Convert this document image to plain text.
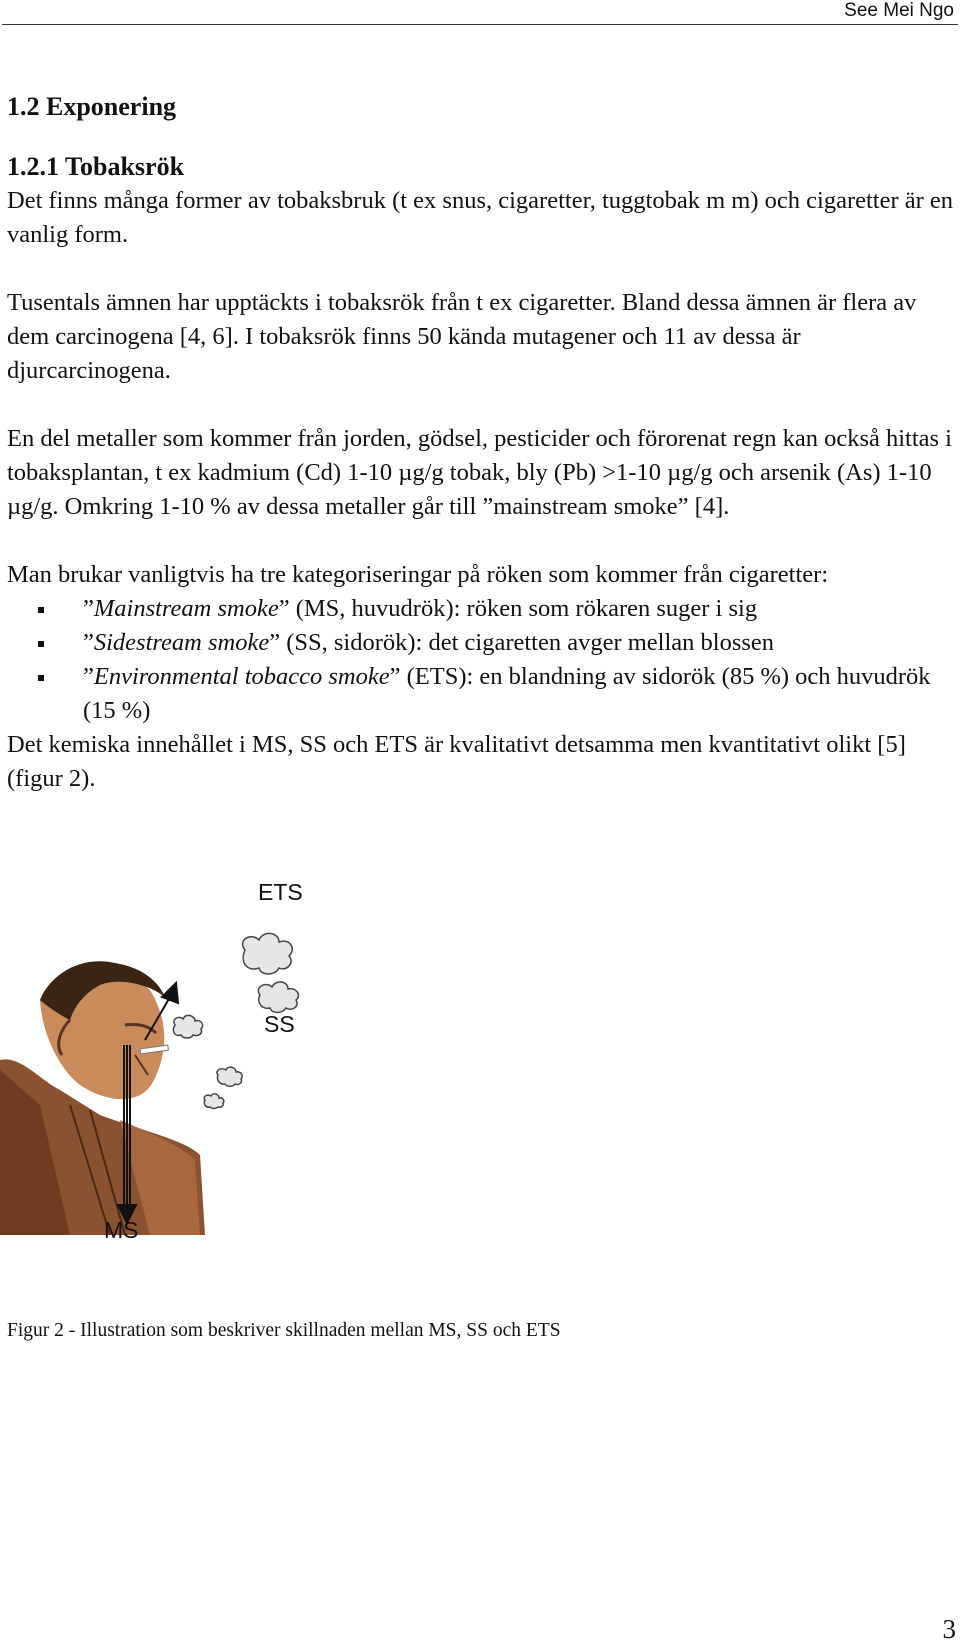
See Mei Ngo
1.2 Exponering
1.2.1 Tobaksrök

Det finns många former av tobaksbruk (t ex snus, cigaretter, tuggtobak m m) och cigaretter är en vanlig form.

Tusentals ämnen har upptäckts i tobaksrök från t ex cigaretter. Bland dessa ämnen är flera av dem carcinogena [4, 6]. I tobaksrök finns 50 kända mutagener och 11 av dessa är djurcarcinogena.

En del metaller som kommer från jorden, gödsel, pesticider och förorenat regn kan också hittas i tobaksplantan, t ex kadmium (Cd) 1-10 µg/g tobak, bly (Pb) >1-10 µg/g och arsenik (As) 1-10 µg/g. Omkring 1-10 % av dessa metaller går till ”mainstream smoke” [4].

Man brukar vanligtvis ha tre kategoriseringar på röken som kommer från cigaretter:

”Mainstream smoke” (MS, huvudrök): röken som rökaren suger i sig
”Sidestream smoke” (SS, sidorök): det cigaretten avger mellan blossen
”Environmental tobacco smoke” (ETS): en blandning av sidorök (85 %) och huvudrök (15 %)

Det kemiska innehållet i MS, SS och ETS är kvalitativt detsamma men kvantitativt olikt [5] (figur 2).

ETS
SS
MS
Figur 2 - Illustration som beskriver skillnaden mellan MS, SS och ETS
3
